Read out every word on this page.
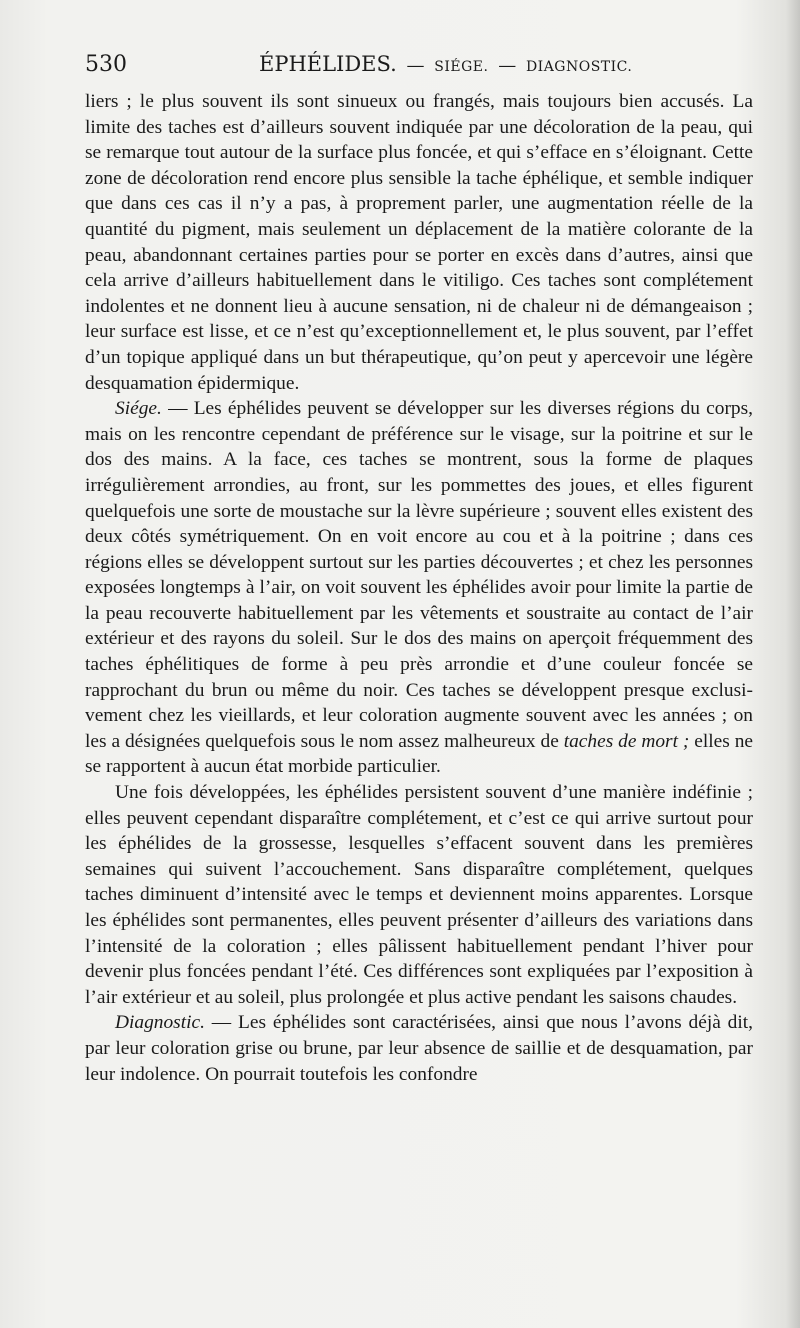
530	ÉPHÉLIDES. — SIÉGE. — DIAGNOSTIC.

liers ; le plus souvent ils sont sinueux ou frangés, mais toujours bien accusés. La limite des taches est d’ailleurs souvent indiquée par une décoloration de la peau, qui se remarque tout autour de la surface plus foncée, et qui s’efface en s’éloignant. Cette zone de décoloration rend encore plus sensible la tache éphélique, et semble indiquer que dans ces cas il n’y a pas, à proprement parler, une augmentation réelle de la quantité du pigment, mais seulement un déplacement de la matière colorante de la peau, abandonnant certaines parties pour se porter en excès dans d’autres, ainsi que cela arrive d’ailleurs habituellement dans le vitiligo. Ces taches sont complétement indolentes et ne donnent lieu à aucune sensation, ni de chaleur ni de démangeaison ; leur surface est lisse, et ce n’est qu’exceptionnellement et, le plus souvent, par l’effet d’un topique appliqué dans un but thérapeutique, qu’on peut y apercevoir une légère desquamation épidermique.

Siége. — Les éphélides peuvent se développer sur les diverses régions du corps, mais on les rencontre cependant de préférence sur le visage, sur la poitrine et sur le dos des mains. A la face, ces taches se montrent, sous la forme de plaques irrégulièrement arrondies, au front, sur les pommettes des joues, et elles figurent quelquefois une sorte de moustache sur la lèvre supérieure ; souvent elles existent des deux côtés symétriquement. On en voit encore au cou et à la poitrine ; dans ces régions elles se développent surtout sur les parties découvertes ; et chez les personnes exposées longtemps à l’air, on voit souvent les éphélides avoir pour limite la partie de la peau recouverte habituellement par les vêtements et soustraite au contact de l’air extérieur et des rayons du soleil. Sur le dos des mains on aperçoit fréquemment des taches éphélitiques de forme à peu près arrondie et d’une couleur foncée se rapprochant du brun ou même du noir. Ces taches se développent presque exclusivement chez les vieillards, et leur coloration augmente souvent avec les années ; on les a désignées quelquefois sous le nom assez malheureux de taches de mort ; elles ne se rapportent à aucun état morbide particulier.

Une fois développées, les éphélides persistent souvent d’une manière indéfinie ; elles peuvent cependant disparaître complétement, et c’est ce qui arrive surtout pour les éphélides de la grossesse, lesquelles s’effacent souvent dans les premières semaines qui suivent l’accouchement. Sans disparaître complétement, quelques taches diminuent d’intensité avec le temps et deviennent moins apparentes. Lorsque les éphélides sont permanentes, elles peuvent présenter d’ailleurs des variations dans l’intensité de la coloration ; elles pâlissent habituellement pendant l’hiver pour devenir plus foncées pendant l’été. Ces différences sont expliquées par l’exposition à l’air extérieur et au soleil, plus prolongée et plus active pendant les saisons chaudes.

Diagnostic. — Les éphélides sont caractérisées, ainsi que nous l’avons déjà dit, par leur coloration grise ou brune, par leur absence de saillie et de desquamation, par leur indolence. On pourrait toutefois les confondre
